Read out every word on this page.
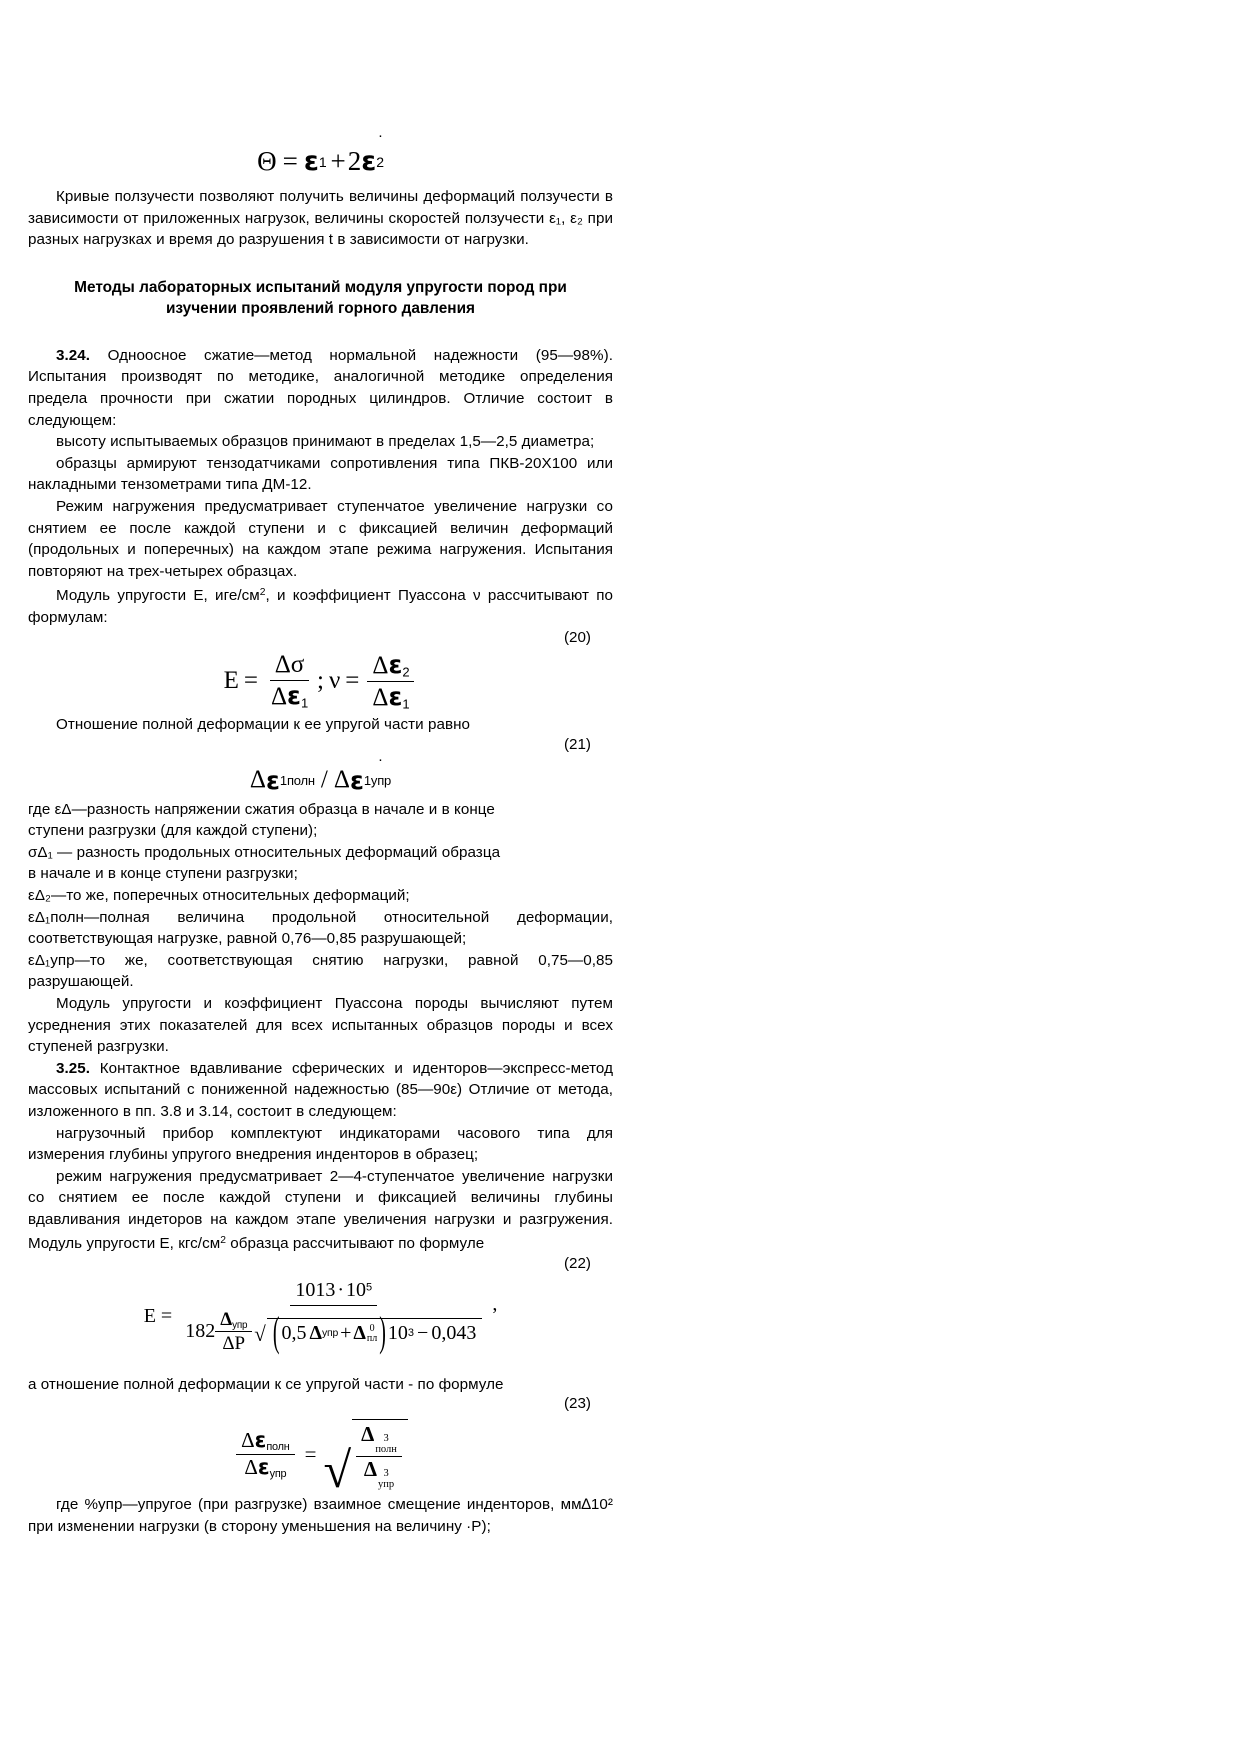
.
Θ = ε 1 + 2 ε 2

Кривые ползучести позволяют получить величины деформаций ползучести в зависимости от приложенных нагрузок, величины скоростей ползучести ε₁, ε₂ при разных нагрузках и время до разрушения t в зависимости от нагрузки.

Методы лабораторных испытаний модуля упругости пород при изучении проявлений горного давления

3.24. Одноосное сжатие—метод нормальной надежности (95—98%). Испытания производят по методике, аналогичной методике определения предела прочности при сжатии породных цилиндров. Отличие состоит в следующем:

высоту испытываемых образцов принимают в пределах 1,5—2,5 диаметра;

образцы армируют тензодатчиками сопротивления типа ПКВ-20Х100 или накладными тензометрами типа ДМ-12.

Режим нагружения предусматривает ступенчатое увеличение нагрузки со снятием ее после каждой ступени и с фиксацией величин деформаций (продольных и поперечных) на каждом этапе режима нагружения. Испытания повторяют на трех-четырех образцах.

Модуль упругости Е, иге/$см^2$, и коэффициент Пуассона ν рассчитывают по формулам:

(20)
$E = \frac{\Delta\sigma}{\Delta\varepsilon_1}$ ; $\nu = \frac{\Delta\varepsilon_2}{\Delta\varepsilon_1}$

Отношение полной деформации к ее упругой части равно

(21)
.
Δ ε 1полн / Δ ε 1упр

где εΔ—разность напряжении сжатия образца в начале и в конце

ступени разгрузки (для каждой ступени);

σΔ₁ — разность продольных относительных деформаций образца

в начале и в конце ступени разгрузки;

εΔ₂—то же, поперечных относительных деформаций;

εΔ₁полн—полная величина продольной относительной деформации, соответствующая нагрузке, равной 0,76—0,85 разрушающей;

εΔ₁упр—то же, соответствующая снятию нагрузки, равной 0,75—0,85 разрушающей.

Модуль упругости и коэффициент Пуассона породы вычисляют путем усреднения этих показателей для всех испытанных образцов породы и всех ступеней разгрузки.

3.25. Контактное вдавливание сферических и иденторов—экспресс-метод массовых испытаний с пониженной надежностью (85—90ε) Отличие от метода, изложенного в пп. 3.8 и 3.14, состоит в следующем:

нагрузочный прибор комплектуют индикаторами часового типа для измерения глубины упругого внедрения инденторов в образец;

режим нагружения предусматривает 2—4-ступенчатое увеличение нагрузки со снятием ее после каждой ступени и фиксацией величины глубины вдавливания индеторов на каждом этапе увеличения нагрузки и разгружения. Модуль упругости Е, кгс/$см^2$ образца рассчитывают по формуле

(22)
E =
$1013 \cdot 10^5$
$182 \frac{\Delta_{упр}}{\Delta P}$ √ ( 0,5 Δ упр + Δ 0
пл ) 10 3 − 0,043
,

а отношение полной деформации к се упругой части - по формуле

(23)
$\frac{\Delta\varepsilon_{полн}}{\Delta\varepsilon_{упр}}$ = √ Δ 3
полн
Δ 3
упр

где %упр—упругое (при разгрузке) взаимное смещение инденторов, мм∆10² при изменении нагрузки (в сторону уменьшения на величину ·Р);
